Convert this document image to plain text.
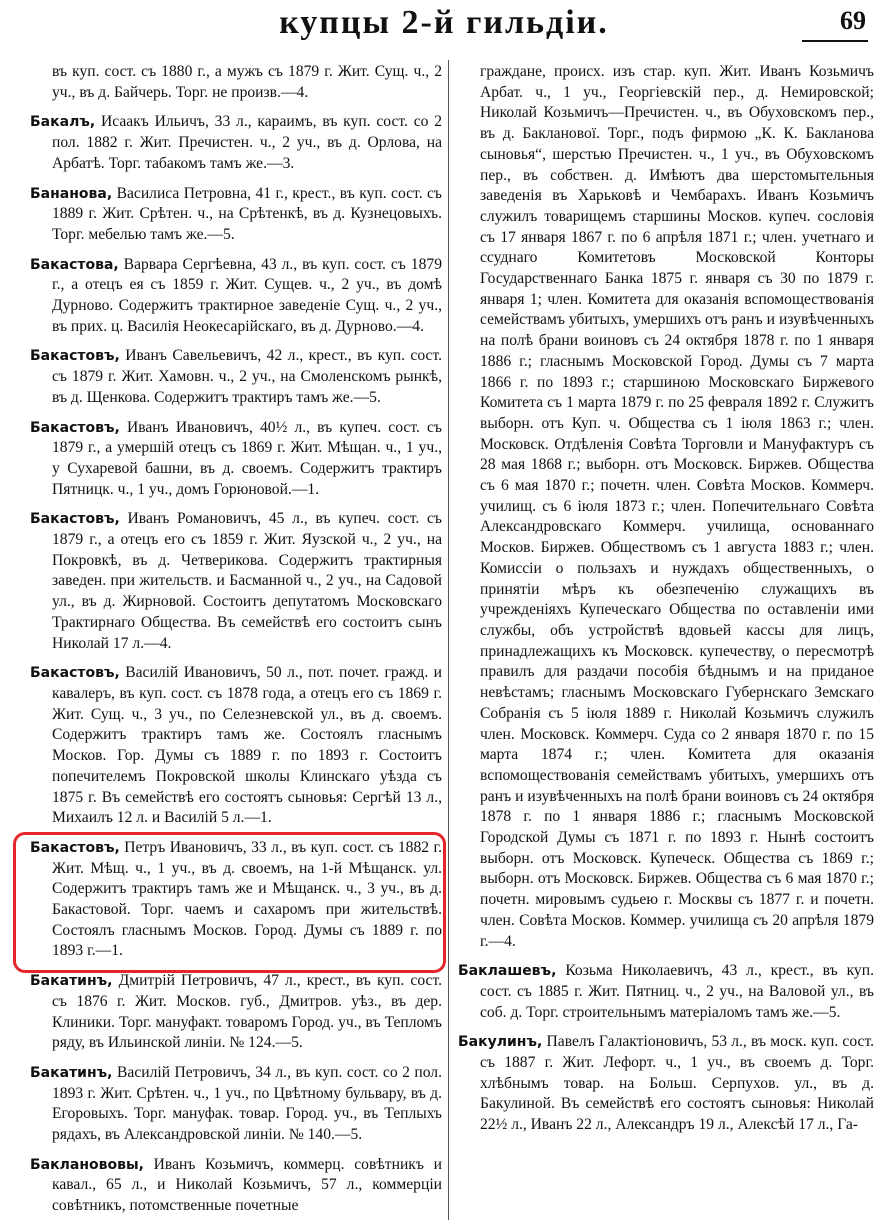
купцы 2-й гильдіи.	69

въ куп. сост. съ 1880 г., а мужъ съ 1879 г. Жит. Сущ. ч., 2 уч., въ д. Байчерь. Торг. не произв.—4.

Бакалъ, Исаакъ Ильичъ, 33 л., караимъ, въ куп. сост. со 2 пол. 1882 г. Жит. Пречистен. ч., 2 уч., въ д. Орлова, на Арбатѣ. Торг. табакомъ тамъ же.—3.

Бананова, Василиса Петровна, 41 г., крест., въ куп. сост. съ 1889 г. Жит. Срѣтен. ч., на Срѣтенкѣ, въ д. Кузнецовыхъ. Торг. мебелью тамъ же.—5.

Бакастова, Варвара Сергѣевна, 43 л., въ куп. сост. съ 1879 г., а отецъ ея съ 1859 г. Жит. Сущев. ч., 2 уч., въ домѣ Дурново. Содержитъ трактирное заведеніе Сущ. ч., 2 уч., въ прих. ц. Василія Неокесарійскаго, въ д. Дурново.—4.

Бакастовъ, Иванъ Савельевичъ, 42 л., крест., въ куп. сост. съ 1879 г. Жит. Хамовн. ч., 2 уч., на Смоленскомъ рынкѣ, въ д. Щенкова. Содержитъ трактиръ тамъ же.—5.

Бакастовъ, Иванъ Ивановичъ, 40½ л., въ купеч. сост. съ 1879 г., а умершій отецъ съ 1869 г. Жит. Мѣщан. ч., 1 уч., у Сухаревой башни, въ д. своемъ. Содержитъ трактиръ Пятницк. ч., 1 уч., домъ Горюновой.—1.

Бакастовъ, Иванъ Романовичъ, 45 л., въ купеч. сост. съ 1879 г., а отецъ его съ 1859 г. Жит. Яузской ч., 2 уч., на Покровкѣ, въ д. Четверикова. Содержитъ трактирныя заведен. при жительств. и Басманной ч., 2 уч., на Садовой ул., въ д. Жирновой. Состоитъ депутатомъ Московскаго Трактирнаго Общества. Въ семействѣ его состоитъ сынъ Николай 17 л.—4.

Бакастовъ, Василій Ивановичъ, 50 л., пот. почет. гражд. и кавалеръ, въ куп. сост. съ 1878 года, а отецъ его съ 1869 г. Жит. Сущ. ч., 3 уч., по Селезневской ул., въ д. своемъ. Содержитъ трактиръ тамъ же. Состоялъ гласнымъ Москов. Гор. Думы съ 1889 г. по 1893 г. Состоитъ попечителемъ Покровской школы Клинскаго уѣзда съ 1875 г. Въ семействѣ его состоятъ сыновья: Сергѣй 13 л., Михаилъ 12 л. и Василій 5 л.—1.

Бакастовъ, Петръ Ивановичъ, 33 л., въ куп. сост. съ 1882 г. Жит. Мѣщ. ч., 1 уч., въ д. своемъ, на 1-й Мѣщанск. ул. Содержитъ трактиръ тамъ же и Мѣщанск. ч., 3 уч., въ д. Бакастовой. Торг. чаемъ и сахаромъ при жительствѣ. Состоялъ гласнымъ Москов. Город. Думы съ 1889 г. по 1893 г.—1.

Бакатинъ, Дмитрій Петровичъ, 47 л., крест., въ куп. сост. съ 1876 г. Жит. Москов. губ., Дмитров. уѣз., въ дер. Клиники. Торг. мануфакт. товаромъ Город. уч., въ Тепломъ ряду, въ Ильинской линіи. № 124.—5.

Бакатинъ, Василій Петровичъ, 34 л., въ куп. сост. со 2 пол. 1893 г. Жит. Срѣтен. ч., 1 уч., по Цвѣтному бульвару, въ д. Егоровыхъ. Торг. мануфак. товар. Город. уч., въ Теплыхъ рядахъ, въ Александровской линіи. № 140.—5.

Бакланововы, Иванъ Козьмичъ, коммерц. совѣтникъ и кавал., 65 л., и Николай Козьмичъ, 57 л., коммерціи совѣтникъ, потомственные почетные

граждане, происх. изъ стар. куп. Жит. Иванъ Козьмичъ Арбат. ч., 1 уч., Георгіевскій пер., д. Немировской; Николай Козьмичъ—Пречистен. ч., въ Обуховскомъ пер., въ д. Бакланової. Торг., подъ фирмою „К. К. Бакланова сыновья“, шерстью Пречистен. ч., 1 уч., въ Обуховскомъ пер., въ собствен. д. Имѣютъ два шерстомытельныя заведенія въ Харьковѣ и Чембарахъ. Иванъ Козьмичъ служилъ товарищемъ старшины Москов. купеч. сословія съ 17 января 1867 г. по 6 апрѣля 1871 г.; член. учетнаго и ссуднаго Комитетовъ Московской Конторы Государственнаго Банка 1875 г. января съ 30 по 1879 г. января 1; член. Комитета для оказанія вспомоществованія семействамъ убитыхъ, умершихъ отъ ранъ и изувѣченныхъ на полѣ брани воиновъ съ 24 октября 1878 г. по 1 января 1886 г.; гласнымъ Московской Город. Думы съ 7 марта 1866 г. по 1893 г.; старшиною Московскаго Биржевого Комитета съ 1 марта 1879 г. по 25 февраля 1892 г. Служитъ выборн. отъ Куп. ч. Общества съ 1 іюля 1863 г.; член. Московск. Отдѣленія Совѣта Торговли и Мануфактуръ съ 28 мая 1868 г.; выборн. отъ Московск. Биржев. Общества съ 6 мая 1870 г.; почетн. член. Совѣта Москов. Коммерч. училищ. съ 6 іюля 1873 г.; член. Попечительнаго Совѣта Александровскаго Коммерч. училища, основаннаго Москов. Биржев. Обществомъ съ 1 августа 1883 г.; член. Комиссіи о пользахъ и нуждахъ общественныхъ, о принятіи мѣръ къ обезпеченію служащихъ въ учрежденіяхъ Купеческаго Общества по оставленіи ими службы, объ устройствѣ вдовьей кассы для лицъ, принадлежащихъ къ Московск. купечеству, о пересмотрѣ правилъ для раздачи пособія бѣднымъ и на приданое невѣстамъ; гласнымъ Московскаго Губернскаго Земскаго Собранія съ 5 іюля 1889 г. Николай Козьмичъ служилъ член. Московск. Коммерч. Суда со 2 января 1870 г. по 15 марта 1874 г.; член. Комитета для оказанія вспомоществованія семействамъ убитыхъ, умершихъ отъ ранъ и изувѣченныхъ на полѣ брани воиновъ съ 24 октября 1878 г. по 1 января 1886 г.; гласнымъ Московской Городской Думы съ 1871 г. по 1893 г. Нынѣ состоитъ выборн. отъ Московск. Купеческ. Общества съ 1869 г.; выборн. отъ Московск. Биржев. Общества съ 6 мая 1870 г.; почетн. мировымъ судьею г. Москвы съ 1877 г. и почетн. член. Совѣта Москов. Коммер. училища съ 20 апрѣля 1879 г.—4.

Баклашевъ, Козьма Николаевичъ, 43 л., крест., въ куп. сост. съ 1885 г. Жит. Пятниц. ч., 2 уч., на Валовой ул., въ соб. д. Торг. строительнымъ матеріаломъ тамъ же.—5.

Бакулинъ, Павелъ Галактіоновичъ, 53 л., въ моск. куп. сост. съ 1887 г. Жит. Лефорт. ч., 1 уч., въ своемъ д. Торг. хлѣбнымъ товар. на Больш. Серпухов. ул., въ д. Бакулиной. Въ семействѣ его состоятъ сыновья: Николай 22½ л., Иванъ 22 л., Александръ 19 л., Алексѣй 17 л., Га-
